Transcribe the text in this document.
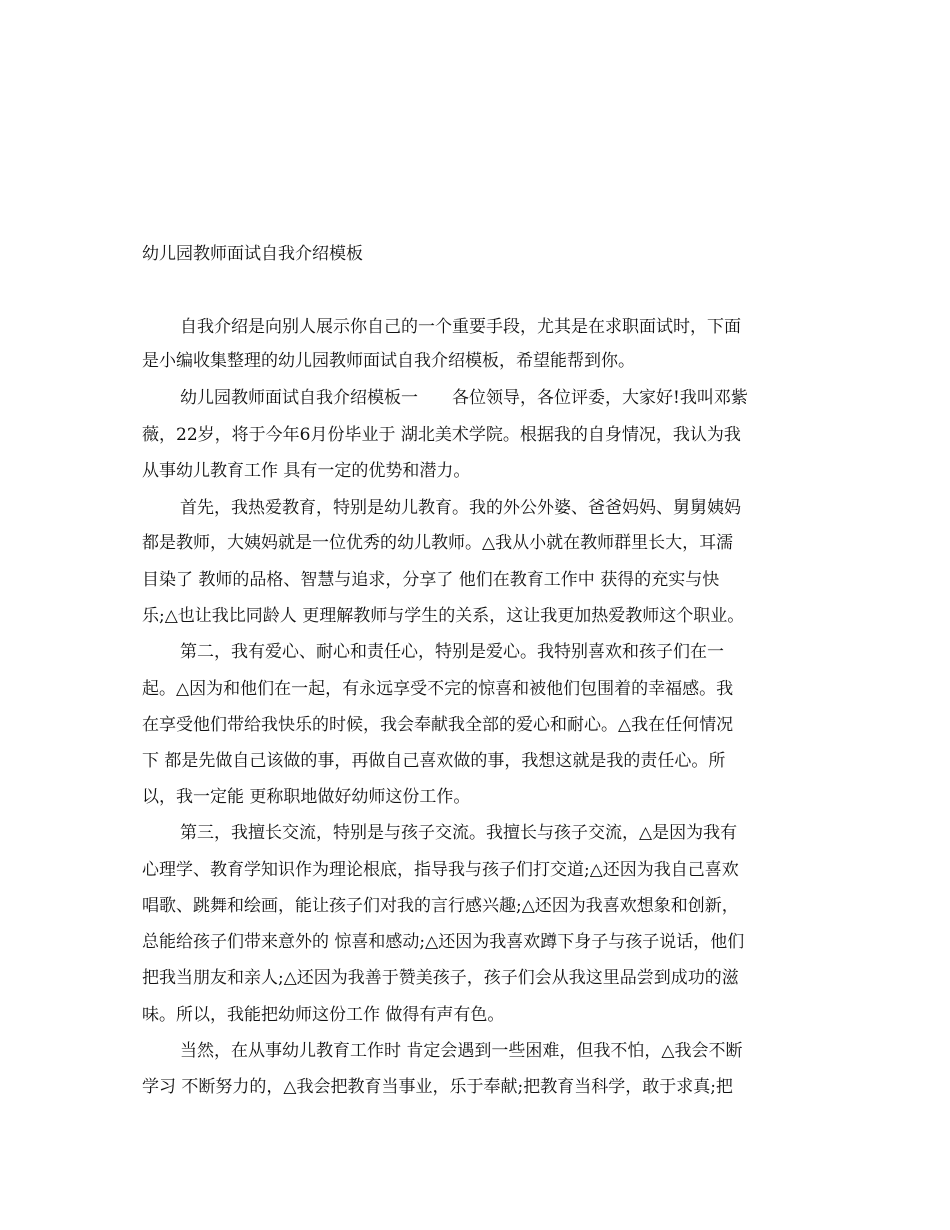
幼儿园教师面试自我介绍模板
自我介绍是向别人展示你自己的一个重要手段，尤其是在求职面试时，下面
是小编收集整理的幼儿园教师面试自我介绍模板，希望能帮到你。
幼儿园教师面试自我介绍模板一　　各位领导，各位评委，大家好!我叫邓紫
薇，22岁，将于今年6月份毕业于 湖北美术学院。根据我的自身情况，我认为我
从事幼儿教育工作 具有一定的优势和潜力。
首先，我热爱教育，特别是幼儿教育。我的外公外婆、爸爸妈妈、舅舅姨妈
都是教师，大姨妈就是一位优秀的幼儿教师。△我从小就在教师群里长大，耳濡
目染了 教师的品格、智慧与追求，分享了 他们在教育工作中 获得的充实与快
乐;△也让我比同龄人 更理解教师与学生的关系，这让我更加热爱教师这个职业。
第二，我有爱心、耐心和责任心，特别是爱心。我特别喜欢和孩子们在一
起。△因为和他们在一起，有永远享受不完的惊喜和被他们包围着的幸福感。我
在享受他们带给我快乐的时候，我会奉献我全部的爱心和耐心。△我在任何情况
下 都是先做自己该做的事，再做自己喜欢做的事，我想这就是我的责任心。所
以，我一定能 更称职地做好幼师这份工作。
第三，我擅长交流，特别是与孩子交流。我擅长与孩子交流，△是因为我有
心理学、教育学知识作为理论根底，指导我与孩子们打交道;△还因为我自己喜欢
唱歌、跳舞和绘画，能让孩子们对我的言行感兴趣;△还因为我喜欢想象和创新，
总能给孩子们带来意外的 惊喜和感动;△还因为我喜欢蹲下身子与孩子说话，他们
把我当朋友和亲人;△还因为我善于赞美孩子，孩子们会从我这里品尝到成功的滋
味。所以，我能把幼师这份工作 做得有声有色。
当然，在从事幼儿教育工作时 肯定会遇到一些困难，但我不怕，△我会不断
学习 不断努力的，△我会把教育当事业，乐于奉献;把教育当科学，敢于求真;把
